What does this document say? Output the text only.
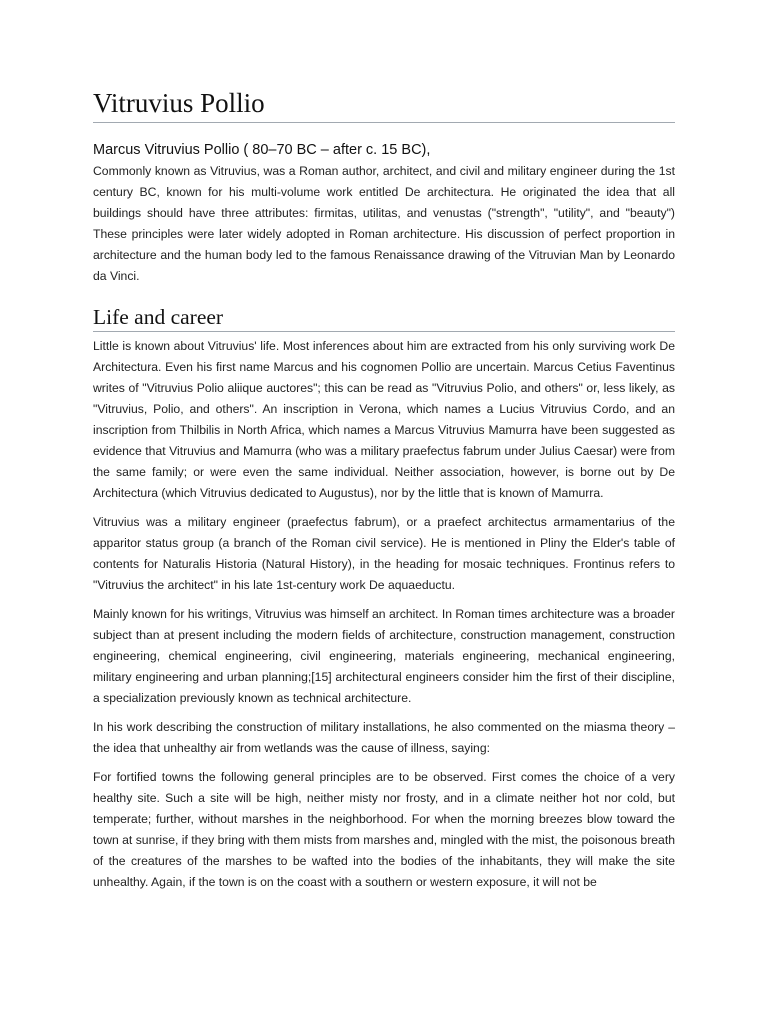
Vitruvius Pollio

Marcus Vitruvius Pollio ( 80–70 BC – after c. 15 BC),

Commonly known as Vitruvius, was a Roman author, architect, and civil and military engineer during the 1st century BC, known for his multi-volume work entitled De architectura. He originated the idea that all buildings should have three attributes: firmitas, utilitas, and venustas ("strength", "utility", and "beauty") These principles were later widely adopted in Roman architecture. His discussion of perfect proportion in architecture and the human body led to the famous Renaissance drawing of the Vitruvian Man by Leonardo da Vinci.

Life and career

Little is known about Vitruvius' life. Most inferences about him are extracted from his only surviving work De Architectura. Even his first name Marcus and his cognomen Pollio are uncertain. Marcus Cetius Faventinus writes of "Vitruvius Polio aliique auctores"; this can be read as "Vitruvius Polio, and others" or, less likely, as "Vitruvius, Polio, and others". An inscription in Verona, which names a Lucius Vitruvius Cordo, and an inscription from Thilbilis in North Africa, which names a Marcus Vitruvius Mamurra have been suggested as evidence that Vitruvius and Mamurra (who was a military praefectus fabrum under Julius Caesar) were from the same family; or were even the same individual. Neither association, however, is borne out by De Architectura (which Vitruvius dedicated to Augustus), nor by the little that is known of Mamurra.

Vitruvius was a military engineer (praefectus fabrum), or a praefect architectus armamentarius of the apparitor status group (a branch of the Roman civil service). He is mentioned in Pliny the Elder's table of contents for Naturalis Historia (Natural History), in the heading for mosaic techniques. Frontinus refers to "Vitruvius the architect" in his late 1st-century work De aquaeductu.

Mainly known for his writings, Vitruvius was himself an architect. In Roman times architecture was a broader subject than at present including the modern fields of architecture, construction management, construction engineering, chemical engineering, civil engineering, materials engineering, mechanical engineering, military engineering and urban planning;[15] architectural engineers consider him the first of their discipline, a specialization previously known as technical architecture.

In his work describing the construction of military installations, he also commented on the miasma theory – the idea that unhealthy air from wetlands was the cause of illness, saying:

For fortified towns the following general principles are to be observed. First comes the choice of a very healthy site. Such a site will be high, neither misty nor frosty, and in a climate neither hot nor cold, but temperate; further, without marshes in the neighborhood. For when the morning breezes blow toward the town at sunrise, if they bring with them mists from marshes and, mingled with the mist, the poisonous breath of the creatures of the marshes to be wafted into the bodies of the inhabitants, they will make the site unhealthy. Again, if the town is on the coast with a southern or western exposure, it will not be
